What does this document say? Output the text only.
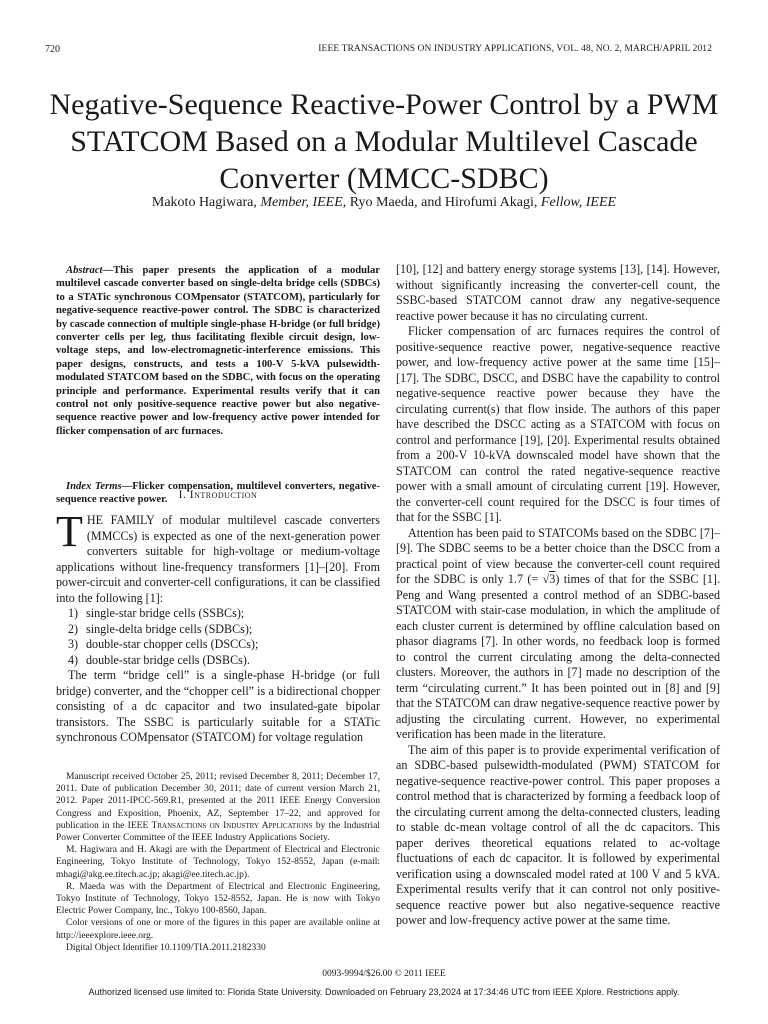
720	IEEE TRANSACTIONS ON INDUSTRY APPLICATIONS, VOL. 48, NO. 2, MARCH/APRIL 2012
Negative-Sequence Reactive-Power Control by a PWM STATCOM Based on a Modular Multilevel Cascade Converter (MMCC-SDBC)
Makoto Hagiwara, Member, IEEE, Ryo Maeda, and Hirofumi Akagi, Fellow, IEEE

Abstract—This paper presents the application of a modular multilevel cascade converter based on single-delta bridge cells (SDBCs) to a STATic synchronous COMpensator (STATCOM), particularly for negative-sequence reactive-power control. The SDBC is characterized by cascade connection of multiple single-phase H-bridge (or full bridge) converter cells per leg, thus facilitating flexible circuit design, low-voltage steps, and low-electromagnetic-interference emissions. This paper designs, constructs, and tests a 100-V 5-kVA pulsewidth-modulated STATCOM based on the SDBC, with focus on the operating principle and performance. Experimental results verify that it can control not only positive-sequence reactive power but also negative-sequence reactive power and low-frequency active power intended for flicker compensation of arc furnaces.

Index Terms—Flicker compensation, multilevel converters, negative-sequence reactive power. I. Introduction

THE FAMILY of modular multilevel cascade converters (MMCCs) is expected as one of the next-generation power converters suitable for high-voltage or medium-voltage applications without line-frequency transformers [1]–[20]. From power-circuit and converter-cell configurations, it can be classified into the following [1]:

1) single-star bridge cells (SSBCs);
2) single-delta bridge cells (SDBCs);
3) double-star chopper cells (DSCCs);
4) double-star bridge cells (DSBCs).

The term “bridge cell” is a single-phase H-bridge (or full bridge) converter, and the “chopper cell” is a bidirectional chopper consisting of a dc capacitor and two insulated-gate bipolar transistors. The SSBC is particularly suitable for a STATic synchronous COMpensator (STATCOM) for voltage regulation

Manuscript received October 25, 2011; revised December 8, 2011; December 17, 2011. Date of publication December 30, 2011; date of current version March 21, 2012. Paper 2011-IPCC-569.R1, presented at the 2011 IEEE Energy Conversion Congress and Exposition, Phoenix, AZ, September 17–22, and approved for publication in the IEEE Transactions on Industry Applications by the Industrial Power Converter Committee of the IEEE Industry Applications Society.

M. Hagiwara and H. Akagi are with the Department of Electrical and Electronic Engineering, Tokyo Institute of Technology, Tokyo 152-8552, Japan (e-mail: mhagi@akg.ee.titech.ac.jp; akagi@ee.titech.ac.jp).

R. Maeda was with the Department of Electrical and Electronic Engineering, Tokyo Institute of Technology, Tokyo 152-8552, Japan. He is now with Tokyo Electric Power Company, Inc., Tokyo 100-8560, Japan.

Color versions of one or more of the figures in this paper are available online at http://ieeexplore.ieee.org.

Digital Object Identifier 10.1109/TIA.2011.2182330

[10], [12] and battery energy storage systems [13], [14]. However, without significantly increasing the converter-cell count, the SSBC-based STATCOM cannot draw any negative-sequence reactive power because it has no circulating current.

Flicker compensation of arc furnaces requires the control of positive-sequence reactive power, negative-sequence reactive power, and low-frequency active power at the same time [15]–[17]. The SDBC, DSCC, and DSBC have the capability to control negative-sequence reactive power because they have the circulating current(s) that flow inside. The authors of this paper have described the DSCC acting as a STATCOM with focus on control and performance [19], [20]. Experimental results obtained from a 200-V 10-kVA downscaled model have shown that the STATCOM can control the rated negative-sequence reactive power with a small amount of circulating current [19]. However, the converter-cell count required for the DSCC is four times of that for the SSBC [1].

Attention has been paid to STATCOMs based on the SDBC [7]–[9]. The SDBC seems to be a better choice than the DSCC from a practical point of view because the converter-cell count required for the SDBC is only 1.7 (= √3) times of that for the SSBC [1]. Peng and Wang presented a control method of an SDBC-based STATCOM with stair-case modulation, in which the amplitude of each cluster current is determined by offline calculation based on phasor diagrams [7]. In other words, no feedback loop is formed to control the current circulating among the delta-connected clusters. Moreover, the authors in [7] made no description of the term “circulating current.” It has been pointed out in [8] and [9] that the STATCOM can draw negative-sequence reactive power by adjusting the circulating current. However, no experimental verification has been made in the literature.

The aim of this paper is to provide experimental verification of an SDBC-based pulsewidth-modulated (PWM) STATCOM for negative-sequence reactive-power control. This paper proposes a control method that is characterized by forming a feedback loop of the circulating current among the delta-connected clusters, leading to stable dc-mean voltage control of all the dc capacitors. This paper derives theoretical equations related to ac-voltage fluctuations of each dc capacitor. It is followed by experimental verification using a downscaled model rated at 100 V and 5 kVA. Experimental results verify that it can control not only positive-sequence reactive power but also negative-sequence reactive power and low-frequency active power at the same time.

0093-9994/$26.00 © 2011 IEEE
Authorized licensed use limited to: Florida State University. Downloaded on February 23,2024 at 17:34:46 UTC from IEEE Xplore. Restrictions apply.
